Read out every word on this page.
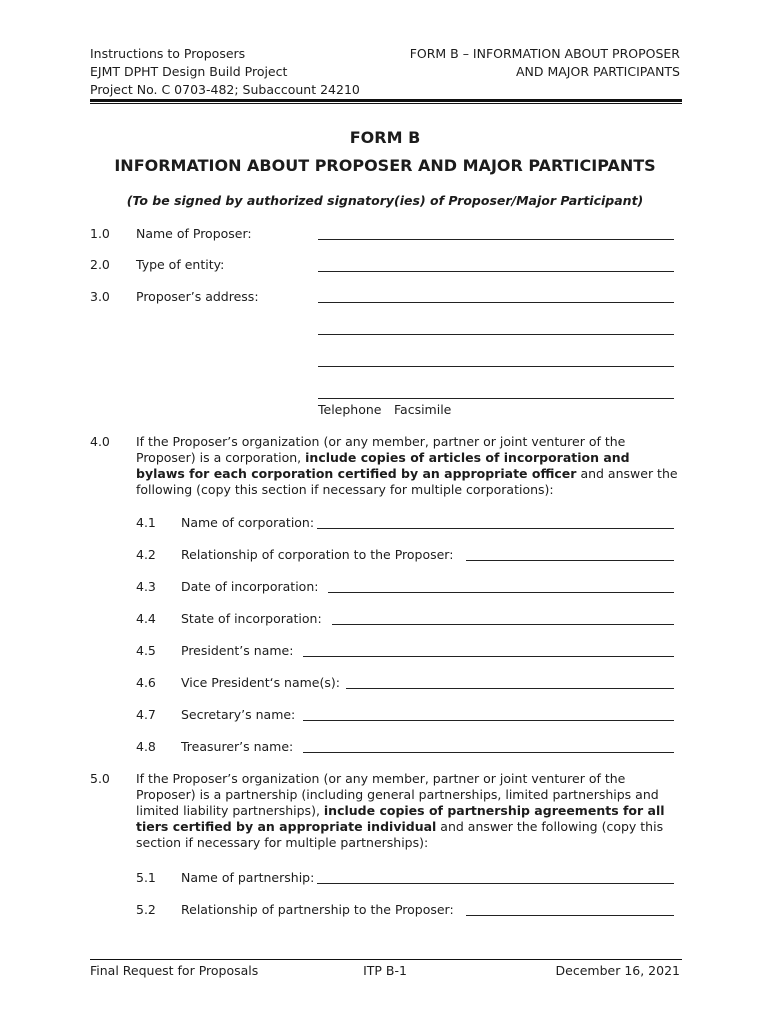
Instructions to Proposers
EJMT DPHT Design Build Project
Project No. C 0703-482; Subaccount 24210
FORM B – INFORMATION ABOUT PROPOSER
AND MAJOR PARTICIPANTS
FORM B
INFORMATION ABOUT PROPOSER AND MAJOR PARTICIPANTS
(To be signed by authorized signatory(ies) of Proposer/Major Participant)
1.0 Name of Proposer:
2.0 Type of entity:
3.0 Proposer’s address:
Telephone Facsimile
4.0 If the Proposer’s organization (or any member, partner or joint venturer of the Proposer) is a corporation, include copies of articles of incorporation and bylaws for each corporation certified by an appropriate officer and answer the following (copy this section if necessary for multiple corporations):
4.1 Name of corporation:
4.2 Relationship of corporation to the Proposer:
4.3 Date of incorporation:
4.4 State of incorporation:
4.5 President’s name:
4.6 Vice President‘s name(s):
4.7 Secretary’s name:
4.8 Treasurer’s name:
5.0 If the Proposer’s organization (or any member, partner or joint venturer of the Proposer) is a partnership (including general partnerships, limited partnerships and limited liability partnerships), include copies of partnership agreements for all tiers certified by an appropriate individual and answer the following (copy this section if necessary for multiple partnerships):
5.1 Name of partnership:
5.2 Relationship of partnership to the Proposer:
Final Request for Proposals	ITP B-1	December 16, 2021
